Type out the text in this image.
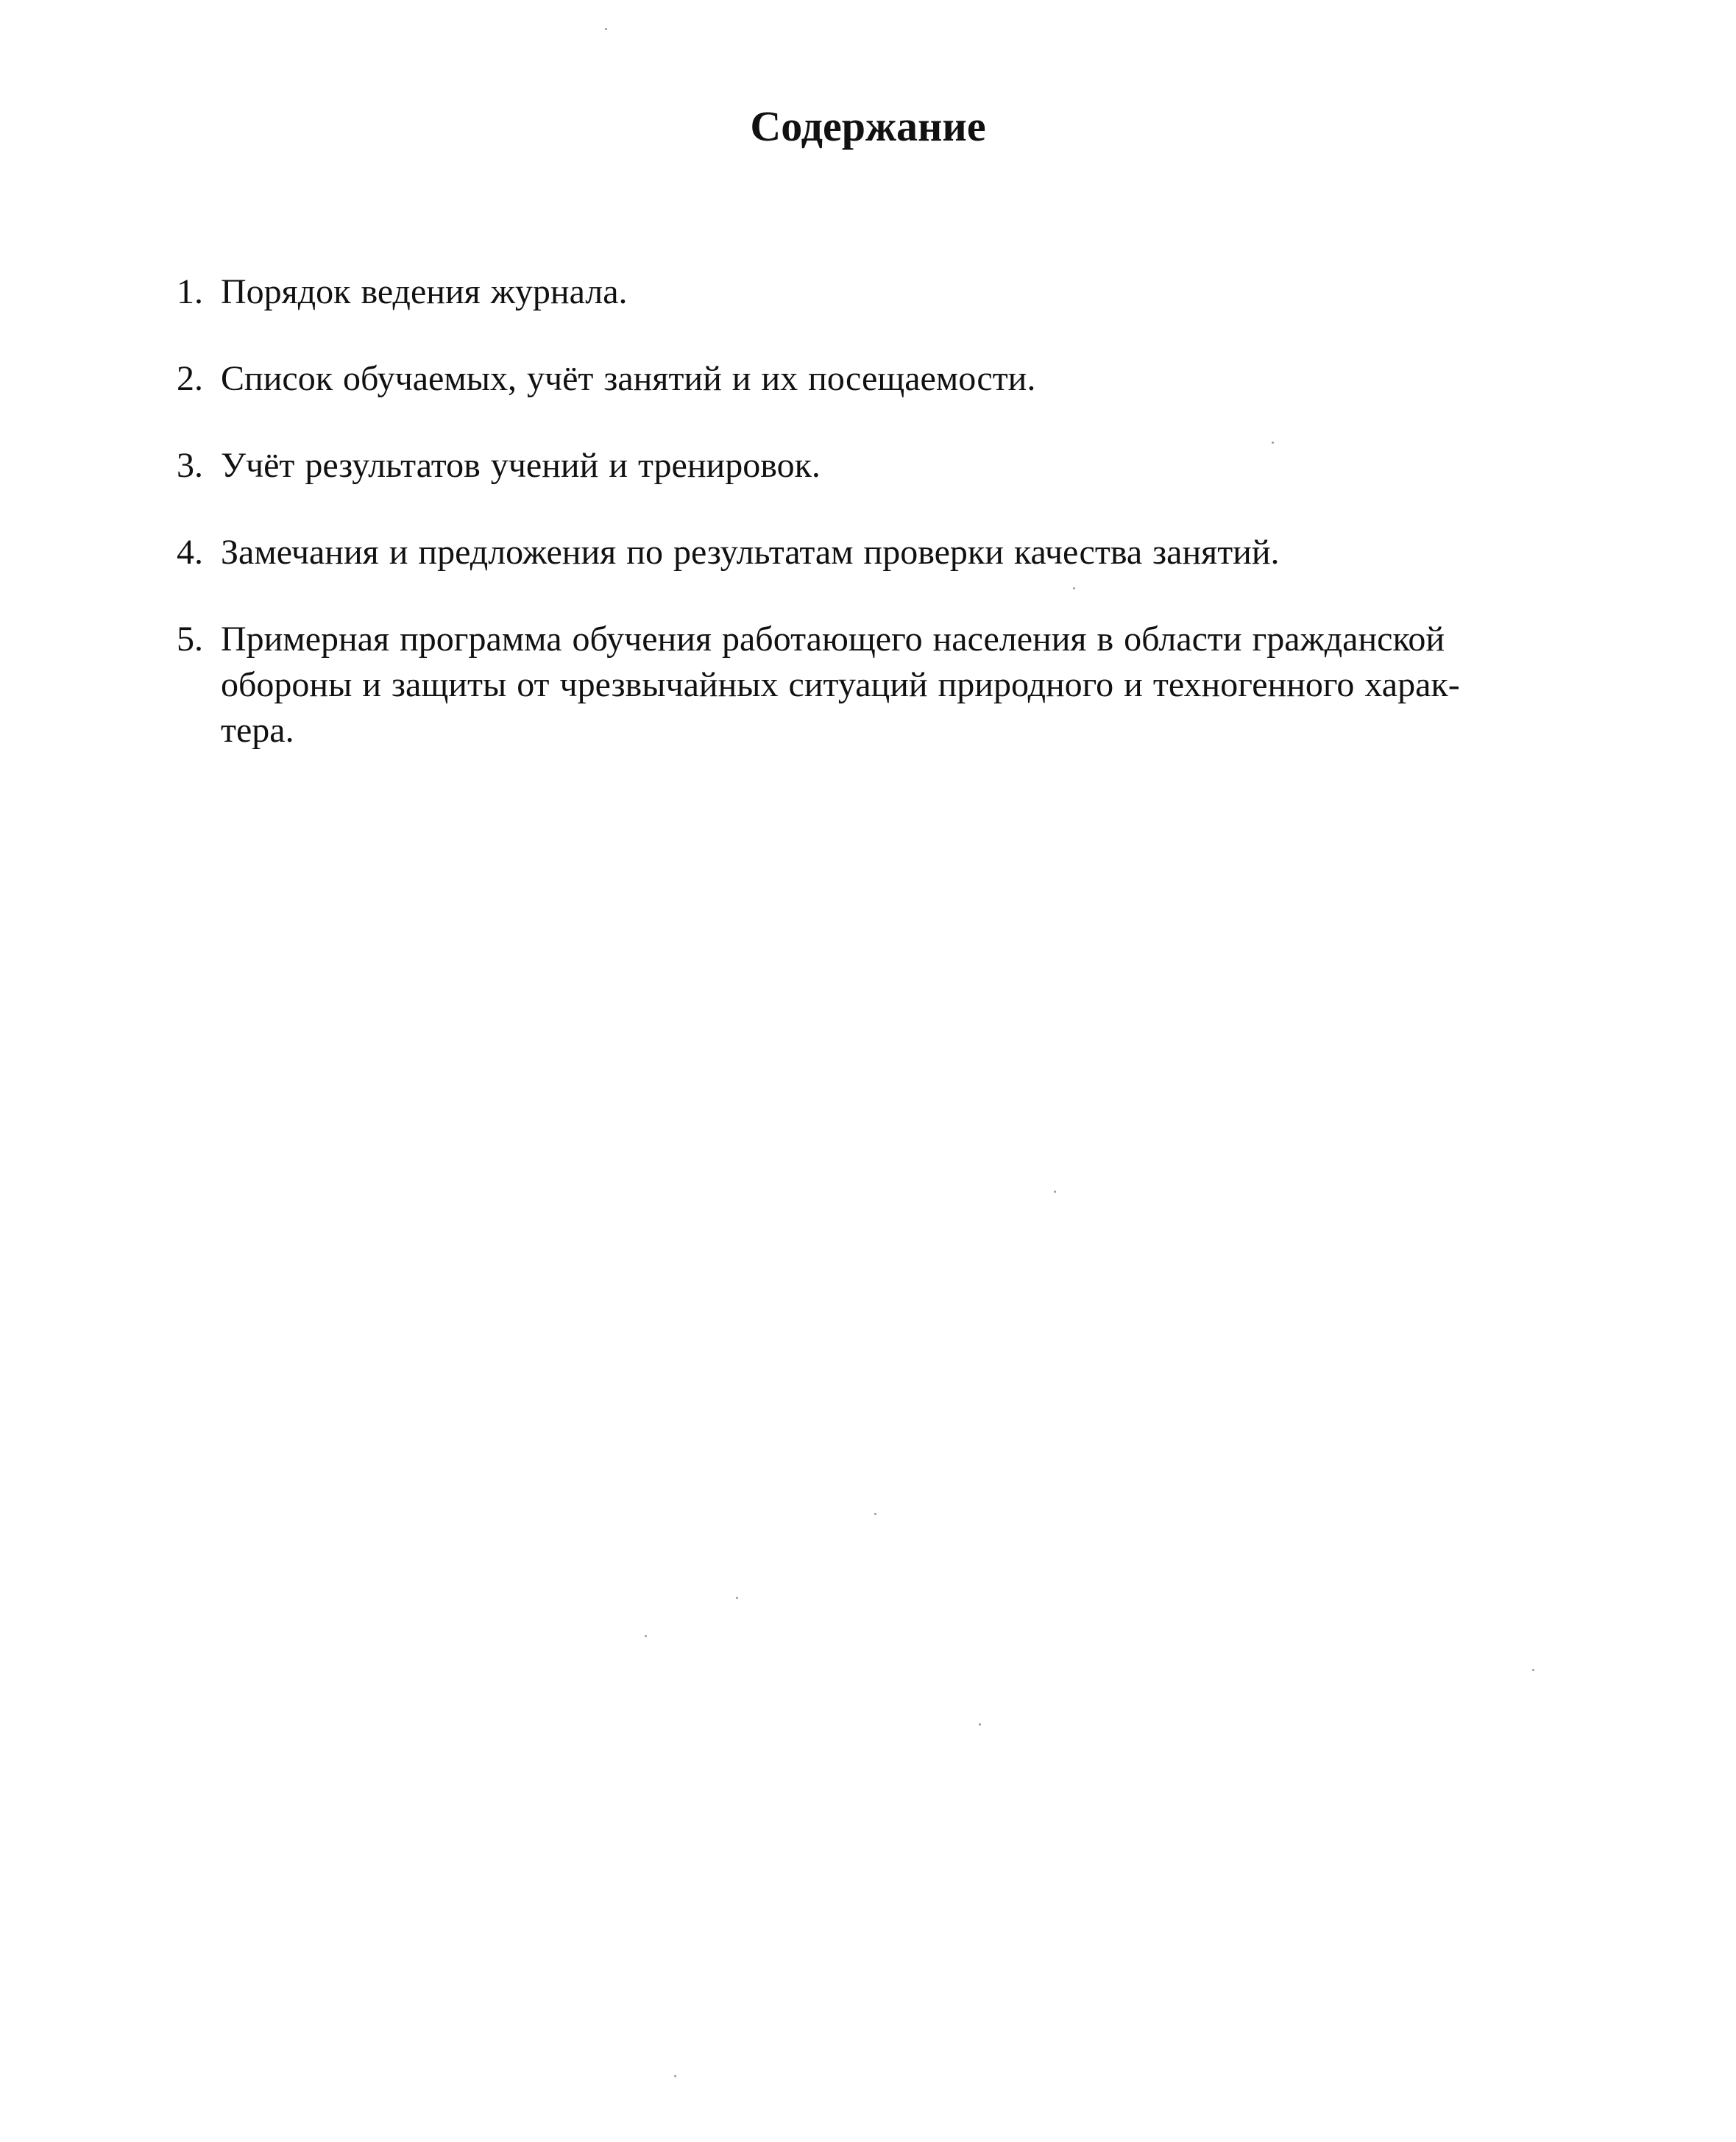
Содержание
1. Порядок ведения журнала.
2. Список обучаемых, учёт занятий и их посещаемости.
3. Учёт результатов учений и тренировок.
4. Замечания и предложения по результатам проверки качества занятий.
5. Примерная программа обучения работающего населения в области гражданской
обороны и защиты от чрезвычайных ситуаций природного и техногенного харак-
тера.
